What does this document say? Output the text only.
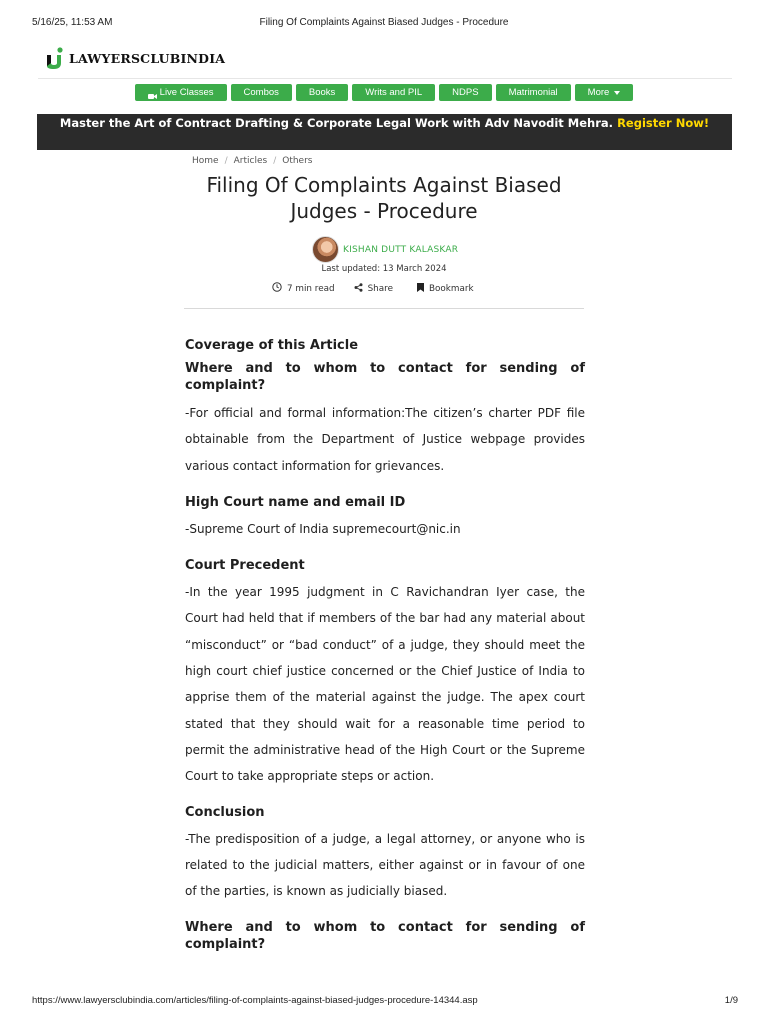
5/16/25, 11:53 AM	Filing Of Complaints Against Biased Judges - Procedure
LAWYERSCLUBINDIA
Live Classes	Combos	Books	Writs and PIL	NDPS	Matrimonial	More
Master the Art of Contract Drafting & Corporate Legal Work with Adv Navodit Mehra. Register Now!
Home / Articles / Others
Filing Of Complaints Against Biased Judges - Procedure
KISHAN DUTT KALASKAR
Last updated: 13 March 2024
7 min read	Share	Bookmark
Coverage of this Article
Where and to whom to contact for sending of complaint?

-For official and formal information:The citizen’s charter PDF file obtainable from the Department of Justice webpage provides various contact information for grievances.

High Court name and email ID

-Supreme Court of India supremecourt@nic.in

Court Precedent

-In the year 1995 judgment in C Ravichandran Iyer case, the Court had held that if members of the bar had any material about “misconduct” or “bad conduct” of a judge, they should meet the high court chief justice concerned or the Chief Justice of India to apprise them of the material against the judge. The apex court stated that they should wait for a reasonable time period to permit the administrative head of the High Court or the Supreme Court to take appropriate steps or action.

Conclusion

-The predisposition of a judge, a legal attorney, or anyone who is related to the judicial matters, either against or in favour of one of the parties, is known as judicially biased.

Where and to whom to contact for sending of complaint?
https://www.lawyersclubindia.com/articles/filing-of-complaints-against-biased-judges-procedure-14344.asp	1/9
